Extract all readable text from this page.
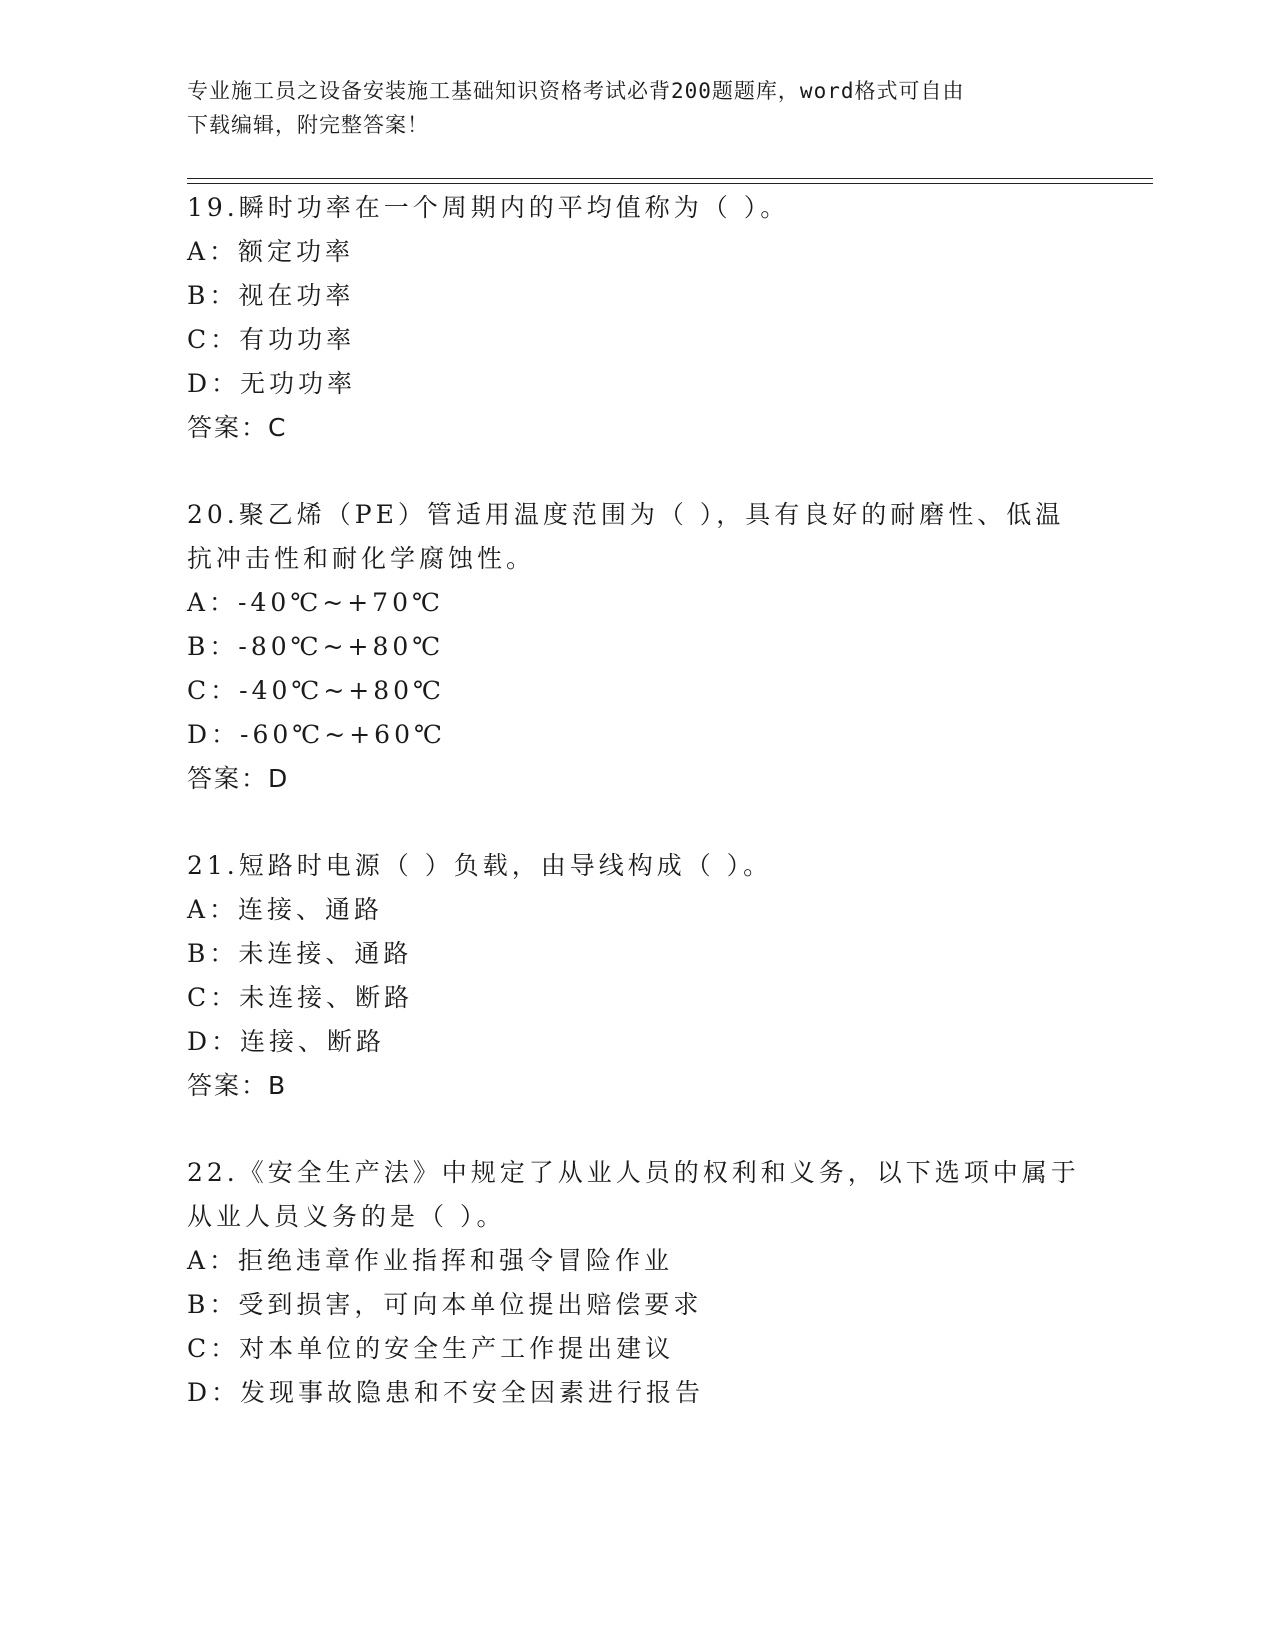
专业施工员之设备安装施工基础知识资格考试必背200题题库，word格式可自由
下载编辑，附完整答案！
19.瞬时功率在一个周期内的平均值称为（ ）。
A：额定功率
B：视在功率
C：有功功率
D：无功功率
答案：C
20.聚乙烯（PE）管适用温度范围为（ ），具有良好的耐磨性、低温
抗冲击性和耐化学腐蚀性。
A：-40℃~+70℃
B：-80℃~+80℃
C：-40℃~+80℃
D：-60℃~+60℃
答案：D
21.短路时电源（ ）负载，由导线构成（ ）。
A：连接、通路
B：未连接、通路
C：未连接、断路
D：连接、断路
答案：B
22.《安全生产法》中规定了从业人员的权利和义务，以下选项中属于
从业人员义务的是（ ）。
A：拒绝违章作业指挥和强令冒险作业
B：受到损害，可向本单位提出赔偿要求
C：对本单位的安全生产工作提出建议
D：发现事故隐患和不安全因素进行报告
